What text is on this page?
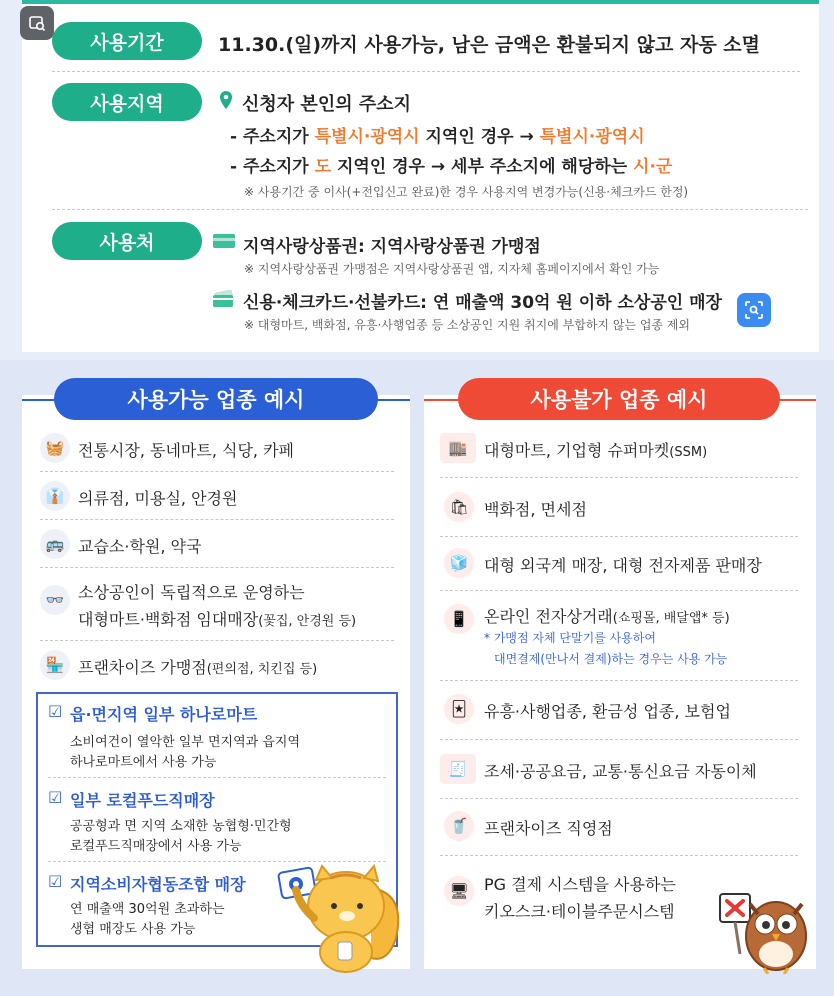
사용기간	11.30.(일)까지 사용가능, 남은 금액은 환불되지 않고 자동 소멸
사용지역	신청자 본인의 주소지
- 주소지가 특별시·광역시 지역인 경우 → 특별시·광역시
- 주소지가 도 지역인 경우 → 세부 주소지에 해당하는 시·군
※ 사용기간 중 이사(+전입신고 완료)한 경우 사용지역 변경가능(신용·체크카드 한정)
사용처	지역사랑상품권: 지역사랑상품권 가맹점
※ 지역사랑상품권 가맹점은 지역사랑상품권 앱, 지자체 홈페이지에서 확인 가능
신용·체크카드·선불카드: 연 매출액 30억 원 이하 소상공인 매장
※ 대형마트, 백화점, 유흥·사행업종 등 소상공인 지원 취지에 부합하지 않는 업종 제외
사용가능 업종 예시
🧺 전통시장, 동네마트, 식당, 카페
👔 의류점, 미용실, 안경원
🚌 교습소·학원, 약국
👓 소상공인이 독립적으로 운영하는
대형마트·백화점 임대매장(꽃집, 안경원 등)
🏪 프랜차이즈 가맹점(편의점, 치킨집 등)
☑ 읍·면지역 일부 하나로마트
소비여건이 열악한 일부 면지역과 읍지역
하나로마트에서 사용 가능
☑ 일부 로컬푸드직매장
공공형과 면 지역 소재한 농협형·민간형
로컬푸드직매장에서 사용 가능
☑ 지역소비자협동조합 매장
연 매출액 30억원 초과하는
생협 매장도 사용 가능
사용불가 업종 예시
🏬	대형마트, 기업형 슈퍼마켓(SSM)
🛍 백화점, 면세점
🧊 대형 외국계 매장, 대형 전자제품 판매장
📱 온라인 전자상거래(쇼핑몰, 배달앱* 등)
* 가맹점 자체 단말기를 사용하여
대면결제(만나서 결제)하는 경우는 사용 가능
🃏	유흥·사행업종, 환금성 업종, 보험업
🧾	조세·공공요금, 교통·통신요금 자동이체
🥤 프랜차이즈 직영점
🖥 PG 결제 시스템을 사용하는
키오스크·테이블주문시스템
